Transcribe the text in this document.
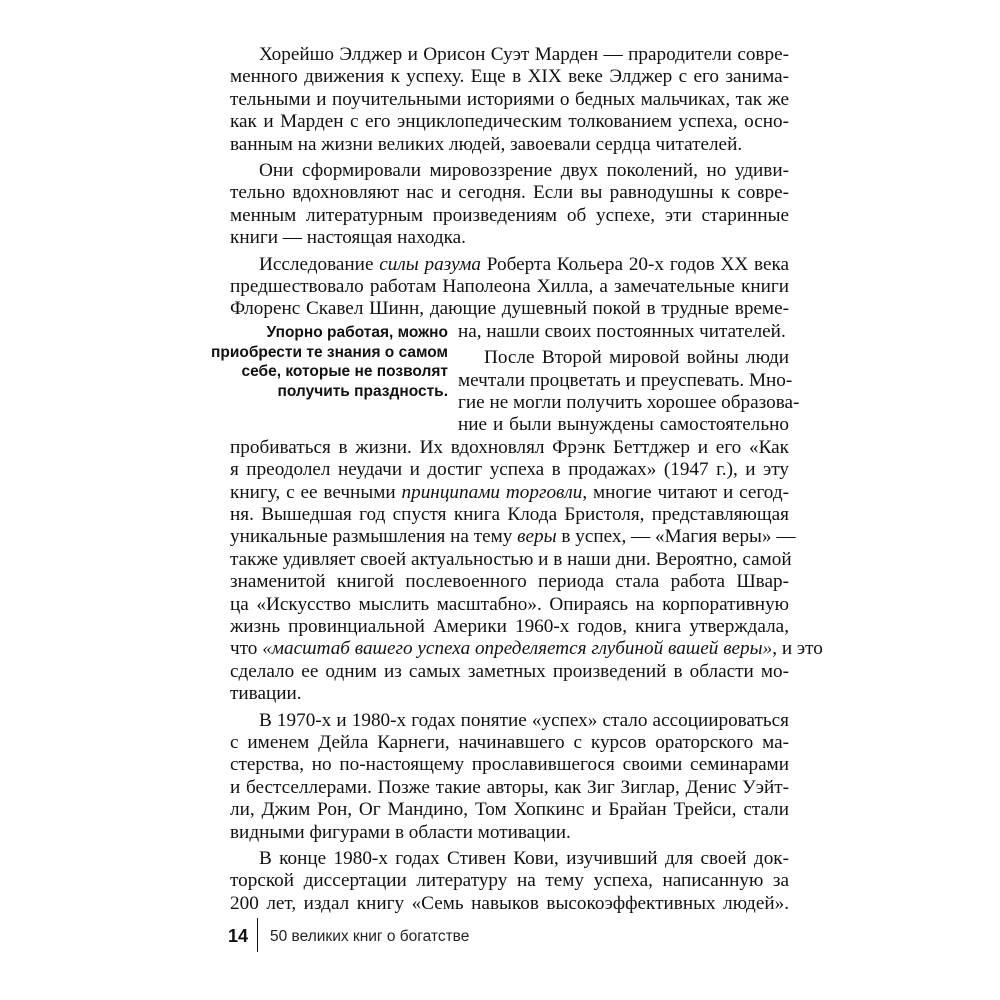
Хорейшо Элджер и Орисон Суэт Марден — прародители совре-

менного движения к успеху. Еще в XIX веке Элджер с его занима-

тельными и поучительными историями о бедных мальчиках, так же

как и Марден с его энциклопедическим толкованием успеха, осно-

ванным на жизни великих людей, завоевали сердца читателей.

Они сформировали мировоззрение двух поколений, но удиви-

тельно вдохновляют нас и сегодня. Если вы равнодушны к совре-

менным литературным произведениям об успехе, эти старинные

книги — настоящая находка.

Исследование силы разума Роберта Кольера 20-х годов XX века

предшествовало работам Наполеона Хилла, а замечательные книги

Флоренс Скавел Шинн, дающие душевный покой в трудные време-

на, нашли своих постоянных читателей.

Упорно работая, можно
приобрести те знания о самом
себе, которые не позволят
получить праздность.

После Второй мировой войны люди

мечтали процветать и преуспевать. Мно-

гие не могли получить хорошее образова-

ние и были вынуждены самостоятельно

пробиваться в жизни. Их вдохновлял Фрэнк Беттджер и его «Как

я преодолел неудачи и достиг успеха в продажах» (1947 г.), и эту

книгу, с ее вечными принципами торговли, многие читают и сегод-

ня. Вышедшая год спустя книга Клода Бристоля, представляющая

уникальные размышления на тему веры в успех, — «Магия веры» —

также удивляет своей актуальностью и в наши дни. Вероятно, самой

знаменитой книгой послевоенного периода стала работа Швар-

ца «Искусство мыслить масштабно». Опираясь на корпоративную

жизнь провинциальной Америки 1960-х годов, книга утверждала,

что «масштаб вашего успеха определяется глубиной вашей веры», и это

сделало ее одним из самых заметных произведений в области мо-

тивации.

В 1970-х и 1980-х годах понятие «успех» стало ассоциироваться

с именем Дейла Карнеги, начинавшего с курсов ораторского ма-

стерства, но по-настоящему прославившегося своими семинарами

и бестселлерами. Позже такие авторы, как Зиг Зиглар, Денис Уэйт-

ли, Джим Рон, Ог Мандино, Том Хопкинс и Брайан Трейси, стали

видными фигурами в области мотивации.

В конце 1980-х годах Стивен Кови, изучивший для своей док-

торской диссертации литературу на тему успеха, написанную за

200 лет, издал книгу «Семь навыков высокоэффективных людей».

14 50 великих книг о богатстве
